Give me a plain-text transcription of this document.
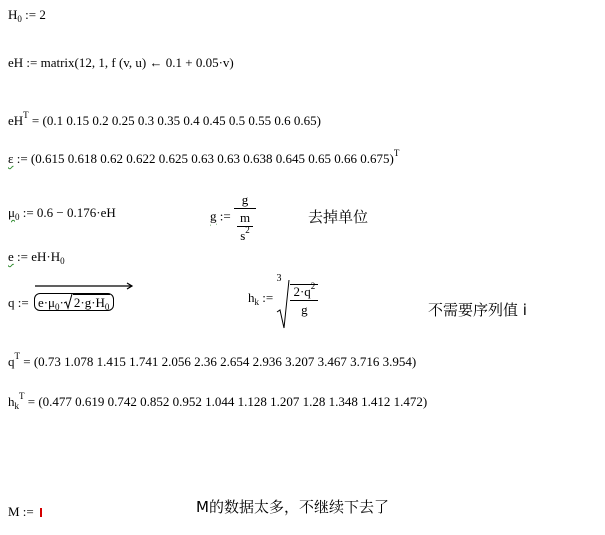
$H_0$ := 2
eH := matrix(12, 1, f (v, u) ← 0.1 + 0.05·v)
$eH^T = (0.1$ 0.15 0.2 0.25 0.3 0.35 0.4 0.45 0.5 0.55 0.6 0.65)
ε := (0.615 0.618 0.62 0.622 0.625 0.63 0.63 0.638 0.645 0.65 0.66 0.675)$^T$
$\mu_0$ := 0.6 − 0.176·eH	g := $\frac{g}{\frac{m}{s^2}}$	去掉单位
e := $eH\cdot H_0$
q := $e\cdot\mu_0\cdot 2\cdot g\cdot H_0$
$h_k$ :=
3
$\frac{2\cdot q^2}{g}$	不需要序列值 i
$q^T = (0.73$ 1.078 1.415 1.741 2.056 2.36 2.654 2.936 3.207 3.467 3.716 3.954)
$h_k^T = (0.477$ 0.619 0.742 0.852 0.952 1.044 1.128 1.207 1.28 1.348 1.412 1.472)
M :=	M的数据太多，不继续下去了
